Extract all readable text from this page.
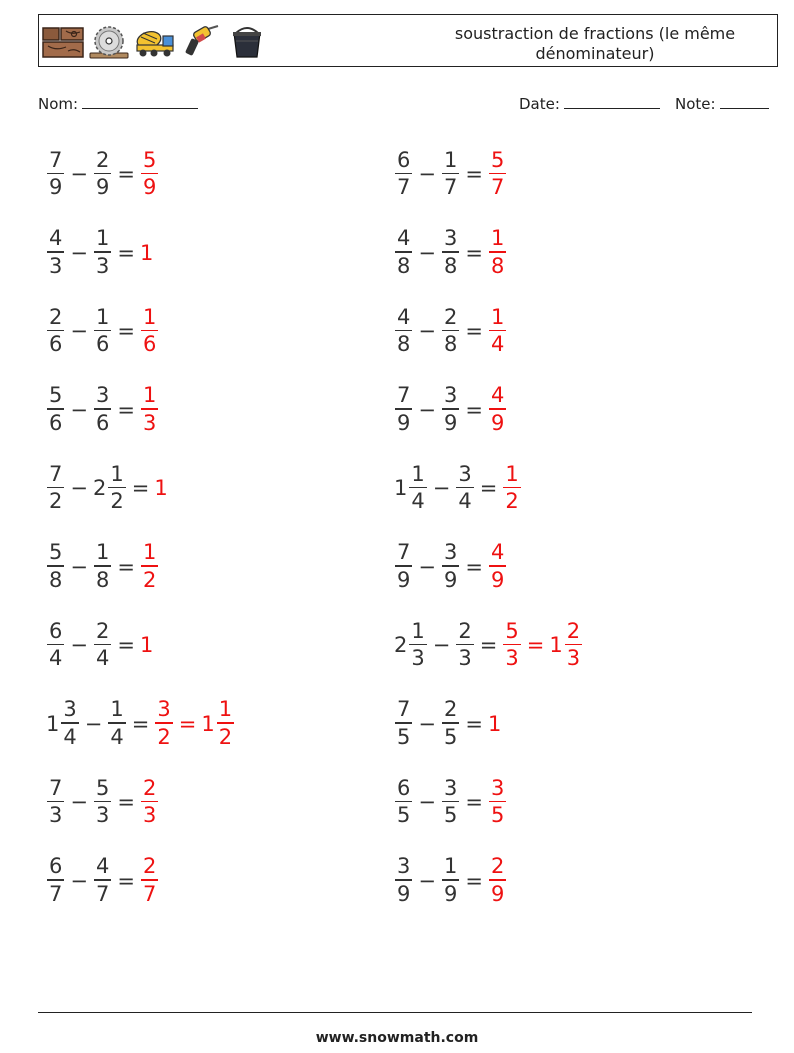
soustraction de fractions (le même dénominateur)
Nom:	Date:	Note:
$\frac{7}{9} - \frac{2}{9} = \frac{5}{9}$	$\frac{6}{7} - \frac{1}{7} = \frac{5}{7}$
$\frac{4}{3} - \frac{1}{3} = 1$	$\frac{4}{8} - \frac{3}{8} = \frac{1}{8}$
$\frac{2}{6} - \frac{1}{6} = \frac{1}{6}$	$\frac{4}{8} - \frac{2}{8} = \frac{1}{4}$
$\frac{5}{6} - \frac{3}{6} = \frac{1}{3}$	$\frac{7}{9} - \frac{3}{9} = \frac{4}{9}$
$\frac{7}{2} - 2 \frac{1}{2} = 1$	$1 \frac{1}{4} - \frac{3}{4} = \frac{1}{2}$
$\frac{5}{8} - \frac{1}{8} = \frac{1}{2}$	$\frac{7}{9} - \frac{3}{9} = \frac{4}{9}$
$\frac{6}{4} - \frac{2}{4} = 1$	$2 \frac{1}{3} - \frac{2}{3} = \frac{5}{3} = 1 \frac{2}{3}$
$1 \frac{3}{4} - \frac{1}{4} = \frac{3}{2} = 1 \frac{1}{2}$	$\frac{7}{5} - \frac{2}{5} = 1$
$\frac{7}{3} - \frac{5}{3} = \frac{2}{3}$	$\frac{6}{5} - \frac{3}{5} = \frac{3}{5}$
$\frac{6}{7} - \frac{4}{7} = \frac{2}{7}$	$\frac{3}{9} - \frac{1}{9} = \frac{2}{9}$
www.snowmath.com
